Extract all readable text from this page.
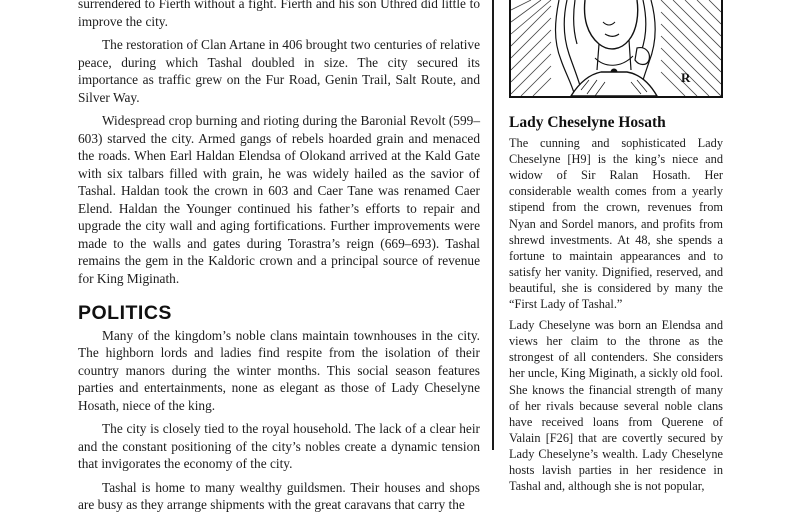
surrendered to Fierth without a fight. Fierth and his son Uthred did little to improve the city.

The restoration of Clan Artane in 406 brought two centuries of relative peace, during which Tashal doubled in size. The city secured its importance as traffic grew on the Fur Road, Genin Trail, Salt Route, and Silver Way.

Widespread crop burning and rioting during the Baronial Revolt (599–603) starved the city. Armed gangs of rebels hoarded grain and menaced the roads. When Earl Haldan Elendsa of Olokand arrived at the Kald Gate with six talbars filled with grain, he was widely hailed as the savior of Tashal. Haldan took the crown in 603 and Caer Tane was renamed Caer Elend. Haldan the Younger continued his father’s efforts to repair and upgrade the city wall and aging fortifications. Further improvements were made to the walls and gates during Torastra’s reign (669–693). Tashal remains the gem in the Kaldoric crown and a principal source of revenue for King Miginath.

POLITICS

Many of the kingdom’s noble clans maintain townhouses in the city. The highborn lords and ladies find respite from the isolation of their country manors during the winter months. This social season features parties and entertainments, none as elegant as those of Lady Cheselyne Hosath, niece of the king.

The city is closely tied to the royal household. The lack of a clear heir and the constant positioning of the city’s nobles create a dynamic tension that invigorates the economy of the city.

Tashal is home to many wealthy guildsmen. Their houses and shops are busy as they arrange shipments with the great caravans that carry the

R
Lady Cheselyne Hosath

The cunning and sophisticated Lady Cheselyne [H9] is the king’s niece and widow of Sir Ralan Hosath. Her considerable wealth comes from a yearly stipend from the crown, revenues from Nyan and Sordel manors, and profits from shrewd investments. At 48, she spends a fortune to maintain appearances and to satisfy her vanity. Dignified, reserved, and beautiful, she is considered by many the “First Lady of Tashal.”

Lady Cheselyne was born an Elendsa and views her claim to the throne as the strongest of all contenders. She considers her uncle, King Miginath, a sickly old fool. She knows the financial strength of many of her rivals because several noble clans have received loans from Querene of Valain [F26] that are covertly secured by Lady Cheselyne’s wealth. Lady Cheselyne hosts lavish parties in her residence in Tashal and, although she is not popular,
